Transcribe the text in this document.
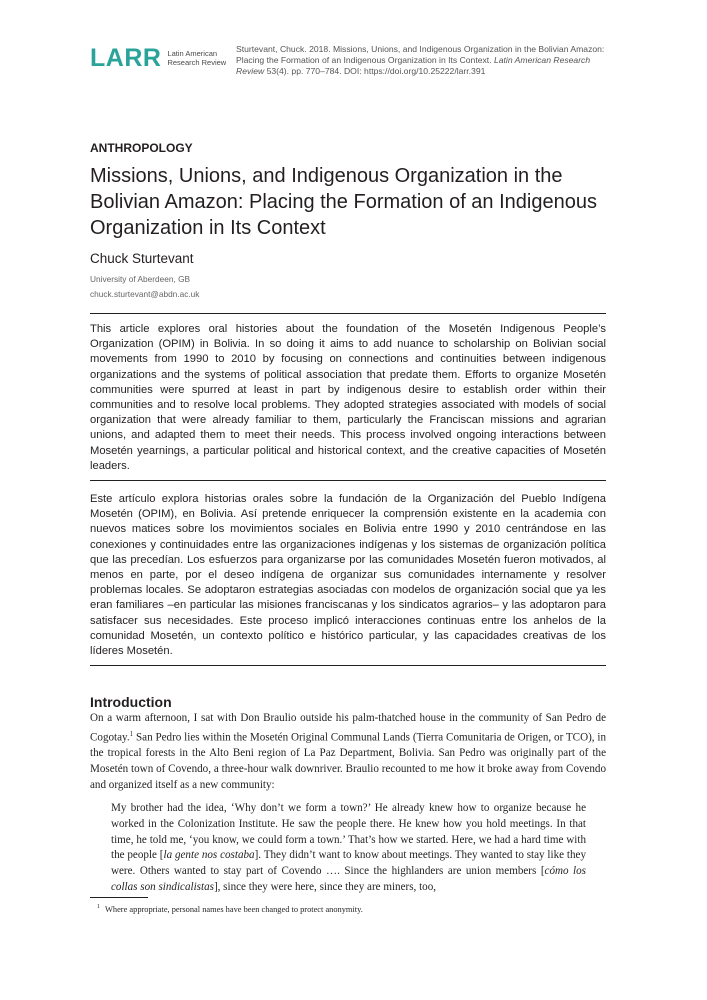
LARR Latin American
Research Review
Sturtevant, Chuck. 2018. Missions, Unions, and Indigenous Organization in the Bolivian Amazon: Placing the Formation of an Indigenous Organization in Its Context. Latin American Research Review 53(4). pp. 770–784. DOI: https://doi.org/10.25222/larr.391
ANTHROPOLOGY
Missions, Unions, and Indigenous Organization in the Bolivian Amazon: Placing the Formation of an Indigenous Organization in Its Context
Chuck Sturtevant
University of Aberdeen, GB
chuck.sturtevant@abdn.ac.uk

This article explores oral histories about the foundation of the Mosetén Indigenous People’s Organization (OPIM) in Bolivia. In so doing it aims to add nuance to scholarship on Bolivian social movements from 1990 to 2010 by focusing on connections and continuities between indigenous organizations and the systems of political association that predate them. Efforts to organize Mosetén communities were spurred at least in part by indigenous desire to establish order within their communities and to resolve local problems. They adopted strategies associated with models of social organization that were already familiar to them, particularly the Franciscan missions and agrarian unions, and adapted them to meet their needs. This process involved ongoing interactions between Mosetén yearnings, a particular political and historical context, and the creative capacities of Mosetén leaders.

Este artículo explora historias orales sobre la fundación de la Organización del Pueblo Indígena Mosetén (OPIM), en Bolivia. Así pretende enriquecer la comprensión existente en la academia con nuevos matices sobre los movimientos sociales en Bolivia entre 1990 y 2010 centrándose en las conexiones y continuidades entre las organizaciones indígenas y los sistemas de organización política que las precedían. Los esfuerzos para organizarse por las comunidades Mosetén fueron motivados, al menos en parte, por el deseo indígena de organizar sus comunidades internamente y resolver problemas locales. Se adoptaron estrategias asociadas con modelos de organización social que ya les eran familiares –en particular las misiones franciscanas y los sindicatos agrarios– y las adoptaron para satisfacer sus necesidades. Este proceso implicó interacciones continuas entre los anhelos de la comunidad Mosetén, un contexto político e histórico particular, y las capacidades creativas de los líderes Mosetén.

Introduction

On a warm afternoon, I sat with Don Braulio outside his palm-thatched house in the community of San Pedro de Cogotay.$^1$ San Pedro lies within the Mosetén Original Communal Lands (Tierra Comunitaria de Origen, or TCO), in the tropical forests in the Alto Beni region of La Paz Department, Bolivia. San Pedro was originally part of the Mosetén town of Covendo, a three-hour walk downriver. Braulio recounted to me how it broke away from Covendo and organized itself as a new community:

My brother had the idea, ‘Why don’t we form a town?’ He already knew how to organize because he worked in the Colonization Institute. He saw the people there. He knew how you hold meetings. In that time, he told me, ‘you know, we could form a town.’ That’s how we started. Here, we had a hard time with the people [la gente nos costaba]. They didn’t want to know about meetings. They wanted to stay like they were. Others wanted to stay part of Covendo …. Since the highlanders are union members [cómo los collas son sindicalistas], since they were here, since they are miners, too,

$^1$ Where appropriate, personal names have been changed to protect anonymity.
